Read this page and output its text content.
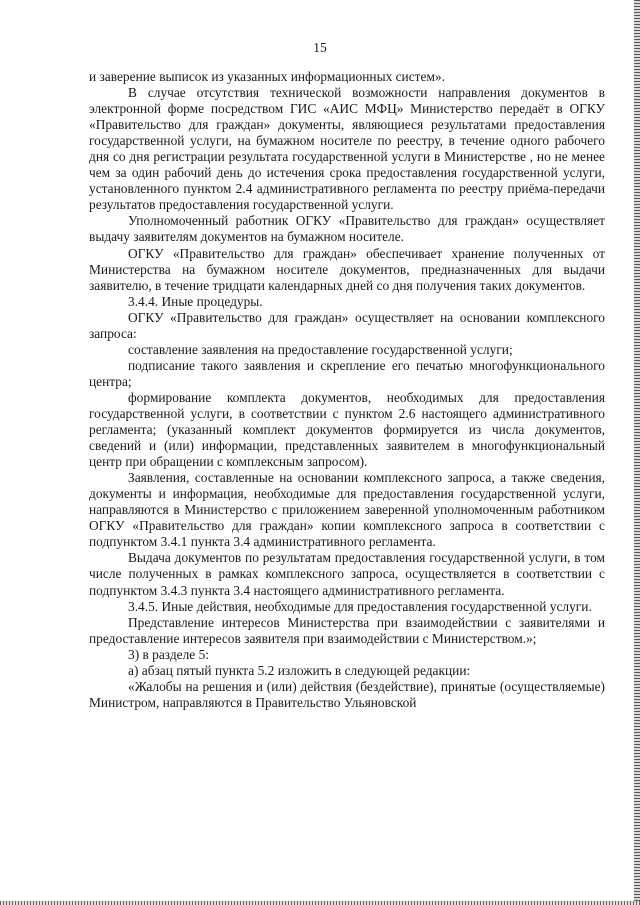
15

и заверение выписок из указанных информационных систем».

В случае отсутствия технической возможности направления документов в электронной форме посредством ГИС «АИС МФЦ» Министерство передаёт в ОГКУ «Правительство для граждан» документы, являющиеся результатами предоставления государственной услуги, на бумажном носителе по реестру, в течение одного рабочего дня со дня регистрации результата государственной услуги в Министерстве , но не менее чем за один рабочий день до истечения срока предоставления государственной услуги, установленного пунктом 2.4 административного регламента по реестру приёма-передачи результатов предоставления государственной услуги.

Уполномоченный работник ОГКУ «Правительство для граждан» осуществляет выдачу заявителям документов на бумажном носителе.

ОГКУ «Правительство для граждан» обеспечивает хранение полученных от Министерства на бумажном носителе документов, предназначенных для выдачи заявителю, в течение тридцати календарных дней со дня получения таких документов.

3.4.4. Иные процедуры.

ОГКУ «Правительство для граждан» осуществляет на основании комплексного запроса:

составление заявления на предоставление государственной услуги;

подписание такого заявления и скрепление его печатью многофункционального центра;

формирование комплекта документов, необходимых для предоставления государственной услуги, в соответствии с пунктом 2.6 настоящего административного регламента; (указанный комплект документов формируется из числа документов, сведений и (или) информации, представленных заявителем в многофункциональный центр при обращении с комплексным запросом).

Заявления, составленные на основании комплексного запроса, а также сведения, документы и информация, необходимые для предоставления государственной услуги, направляются в Министерство с приложением заверенной уполномоченным работником ОГКУ «Правительство для граждан» копии комплексного запроса в соответствии с подпунктом 3.4.1 пункта 3.4 административного регламента.

Выдача документов по результатам предоставления государственной услуги, в том числе полученных в рамках комплексного запроса, осуществляется в соответствии с подпунктом 3.4.3 пункта 3.4 настоящего административного регламента.

3.4.5. Иные действия, необходимые для предоставления государственной услуги.

Представление интересов Министерства при взаимодействии с заявителями и предоставление интересов заявителя при взаимодействии с Министерством.»;

3) в разделе 5:

а) абзац пятый пункта 5.2 изложить в следующей редакции:

«Жалобы на решения и (или) действия (бездействие), принятые (осуществляемые) Министром, направляются в Правительство Ульяновской
